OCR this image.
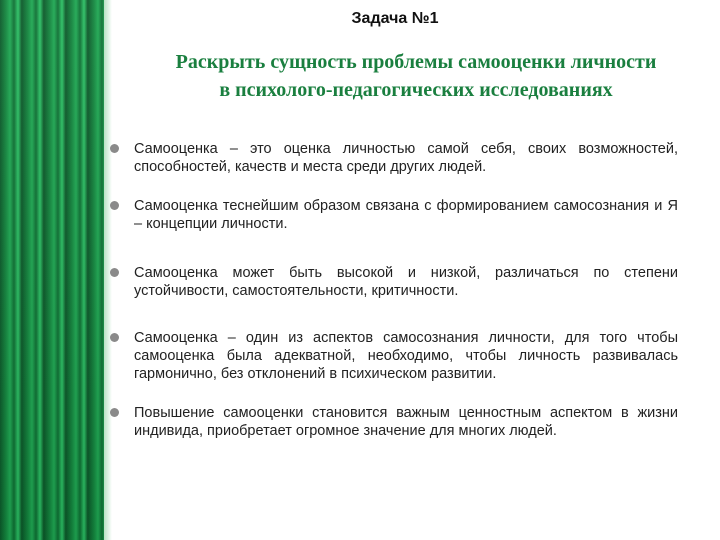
Задача №1
Раскрыть сущность проблемы самооценки личности
в психолого-педагогических исследованиях
Самооценка – это оценка личностью самой себя, своих возможностей, способностей, качеств и места среди других людей.
Самооценка теснейшим образом связана с формированием самосознания и Я – концепции личности.
Самооценка может быть высокой и низкой, различаться по степени устойчивости, самостоятельности, критичности.
Самооценка – один из аспектов самосознания личности, для того чтобы самооценка была адекватной, необходимо, чтобы личность развивалась гармонично, без отклонений в психическом развитии.
Повышение самооценки становится важным ценностным аспектом в жизни индивида, приобретает огромное значение для многих людей.
